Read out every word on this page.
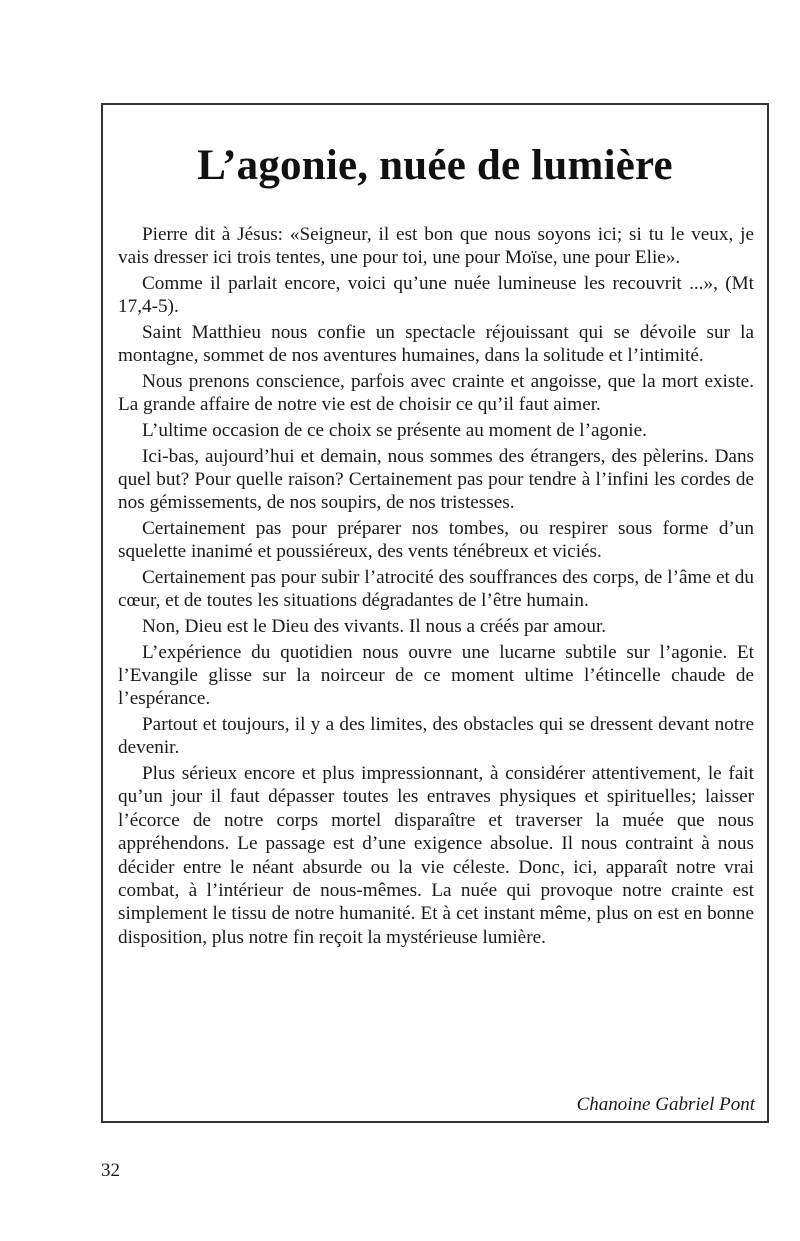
L’agonie, nuée de lumière

Pierre dit à Jésus: «Seigneur, il est bon que nous soyons ici; si tu le veux, je vais dresser ici trois tentes, une pour toi, une pour Moïse, une pour Elie».

Comme il parlait encore, voici qu’une nuée lumineuse les recouvrit ...», (Mt 17,4-5).

Saint Matthieu nous confie un spectacle réjouissant qui se dévoile sur la montagne, sommet de nos aventures humaines, dans la solitude et l’intimité.

Nous prenons conscience, parfois avec crainte et angoisse, que la mort existe. La grande affaire de notre vie est de choisir ce qu’il faut aimer.

L’ultime occasion de ce choix se présente au moment de l’agonie.

Ici-bas, aujourd’hui et demain, nous sommes des étrangers, des pèlerins. Dans quel but? Pour quelle raison? Certainement pas pour tendre à l’infini les cordes de nos gémissements, de nos soupirs, de nos tristesses.

Certainement pas pour préparer nos tombes, ou respirer sous forme d’un squelette inanimé et poussiéreux, des vents ténébreux et viciés.

Certainement pas pour subir l’atrocité des souffrances des corps, de l’âme et du cœur, et de toutes les situations dégradantes de l’être humain.

Non, Dieu est le Dieu des vivants. Il nous a créés par amour.

L’expérience du quotidien nous ouvre une lucarne subtile sur l’agonie. Et l’Evangile glisse sur la noirceur de ce moment ultime l’étincelle chaude de l’espérance.

Partout et toujours, il y a des limites, des obstacles qui se dressent devant notre devenir.

Plus sérieux encore et plus impressionnant, à considérer attentivement, le fait qu’un jour il faut dépasser toutes les entraves physiques et spirituelles; laisser l’écorce de notre corps mortel disparaître et traverser la muée que nous appréhendons. Le passage est d’une exigence absolue. Il nous contraint à nous décider entre le néant absurde ou la vie céleste. Donc, ici, apparaît notre vrai combat, à l’intérieur de nous-mêmes. La nuée qui provoque notre crainte est simplement le tissu de notre humanité. Et à cet instant même, plus on est en bonne disposition, plus notre fin reçoit la mystérieuse lumière.

Chanoine Gabriel Pont

32
